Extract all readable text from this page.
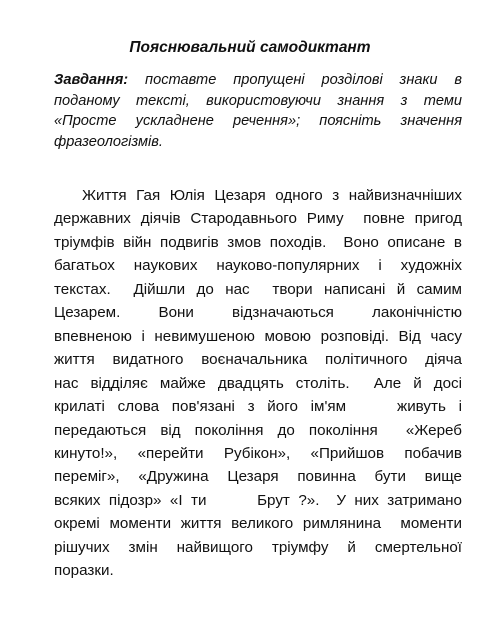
Пояснювальний самодиктант
Завдання: поставте пропущені розділові знаки в
поданому тексті, використовуючи знання з теми
«Просте ускладнене речення»; поясніть значення
фразеологізмів.
Життя Гая Юлія Цезаря одного з найвизначніших
державних діячів Стародавнього Риму  повне пригод
тріумфів війн подвигів змов походів.  Воно описане в
багатьох наукових науково-популярних і художніх
текстах.  Дійшли до нас  твори написані й самим
Цезарем.      Вони      відзначаються      лаконічністю
впевненою і невимушеною мовою розповіді. Від часу
життя видатного воєначальника політичного діяча
нас відділяє майже двадцять століть.  Але й досі
крилаті слова пов'язані з його ім'ям    живуть і
передаються від покоління до покоління  «Жереб
кинуто!», «перейти Рубікон», «Прийшов побачив
переміг», «Дружина Цезаря повинна бути вище
всяких підозр» «І ти      Брут ?».  У них затримано
окремі моменти життя великого римлянина  моменти
рішучих змін найвищого тріумфу й смертельної
поразки.
